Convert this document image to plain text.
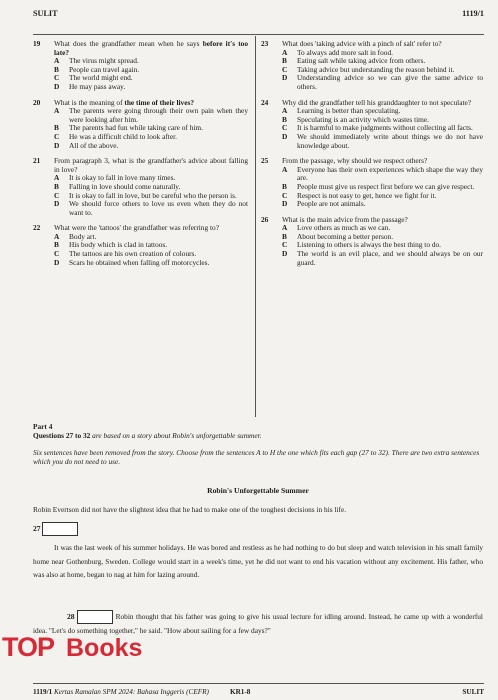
SULIT	1119/1
19	What does the grandfather mean when he says before it's too late?
A	The virus might spread.
B	People can travel again.
C	The world might end.
D	He may pass away.
20	What is the meaning of the time of their lives?
A	The parents were going through their own pain when they were looking after him.
B	The parents had fun while taking care of him.
C	He was a difficult child to look after.
D	All of the above.
21	From paragraph 3, what is the grandfather's advice about falling in love?
A	It is okay to fall in love many times.
B	Falling in love should come naturally.
C	It is okay to fall in love, but be careful who the person is.
D	We should force others to love us even when they do not want to.
22	What were the 'tattoos' the grandfather was referring to?
A	Body art.
B	His body which is clad in tattoos.
C	The tattoos are his own creation of colours.
D	Scars he obtained when falling off motorcycles.
23	What does 'taking advice with a pinch of salt' refer to?
A	To always add more salt in food.
B	Eating salt while taking advice from others.
C	Taking advice but understanding the reason behind it.
D	Understanding advice so we can give the same advice to others.
24	Why did the grandfather tell his granddaughter to not speculate?
A	Learning is better than speculating.
B	Speculating is an activity which wastes time.
C	It is harmful to make judgments without collecting all facts.
D	We should immediately write about things we do not have knowledge about.
25	From the passage, why should we respect others?
A	Everyone has their own experiences which shape the way they are.
B	People must give us respect first before we can give respect.
C	Respect is not easy to get, hence we fight for it.
D	People are not animals.
26	What is the main advice from the passage?
A	Love others as much as we can.
B	About becoming a better person.
C	Listening to others is always the best thing to do.
D	The world is an evil place, and we should always be on our guard.
Part 4
Questions 27 to 32 are based on a story about Robin's unforgettable summer.
Six sentences have been removed from the story. Choose from the sentences A to H the one which fits each gap (27 to 32). There are two extra sentences which you do not need to use.
Robin's Unforgettable Summer
Robin Evertson did not have the slightest idea that he had to make one of the toughest decisions in his life.
27
It was the last week of his summer holidays. He was bored and restless as he had nothing to do but sleep and watch television in his small family home near Gothenburg, Sweden. College would start in a week's time, yet he did not want to end his vacation without any excitement. His father, who was also at home, began to nag at him for lazing around.
28	Robin thought that his father was going to give his usual lecture for idling around. Instead, he came up with a wonderful idea. "Let's do something together," he said. "How about sailing for a few days?"
1119/1 Kertas Ramalan SPM 2024: Bahasa Inggeris (CEFR)	KR1-8	SULIT
TOP Books
